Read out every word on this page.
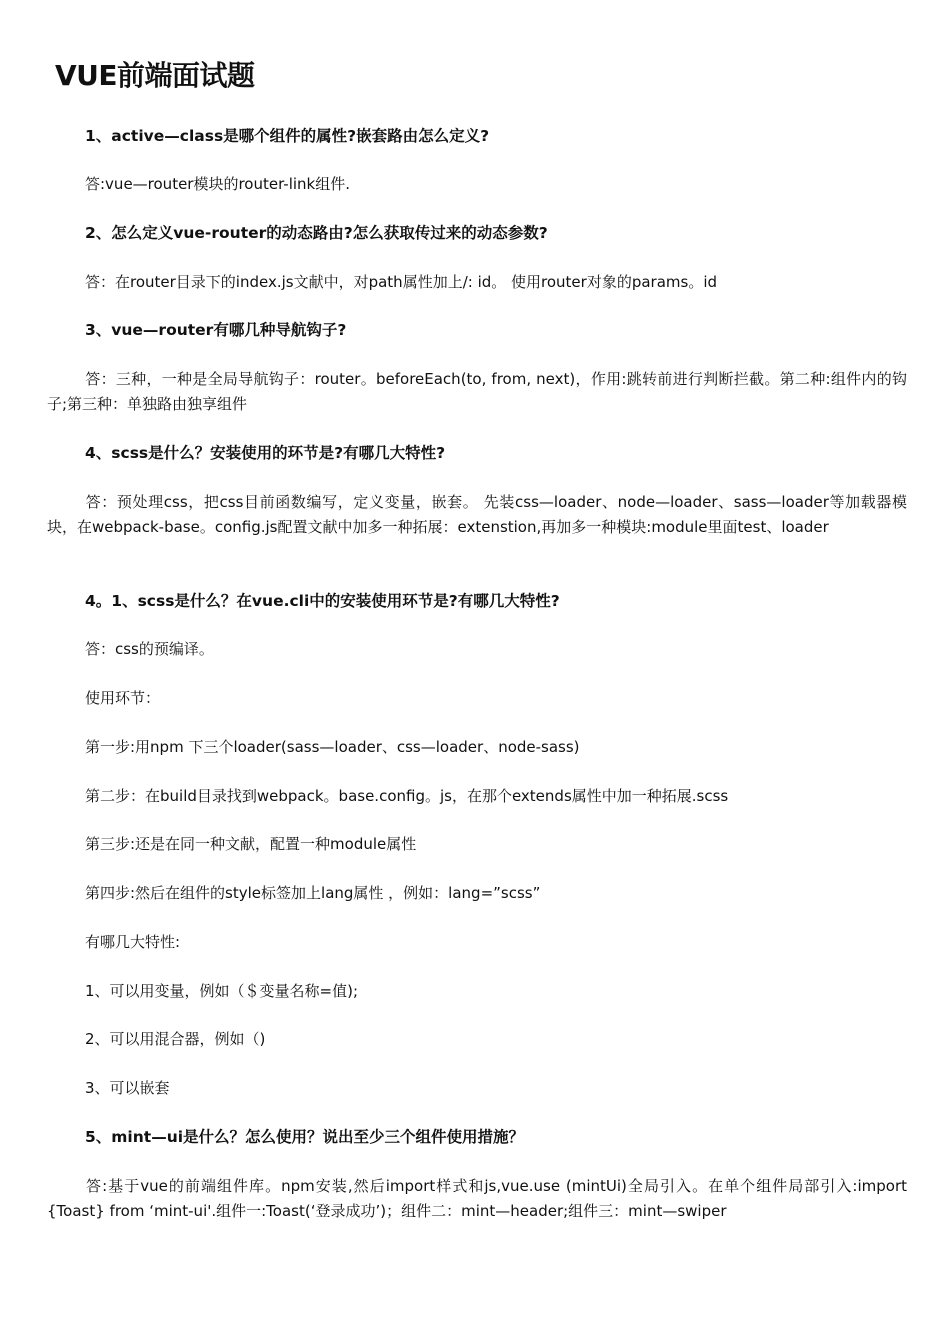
VUE前端面试题
1、active—class是哪个组件的属性?嵌套路由怎么定义?
答:vue—router模块的router-link组件.
2、怎么定义vue-router的动态路由?怎么获取传过来的动态参数?
答：在router目录下的index.js文献中，对path属性加上/: id。 使用router对象的params。id
3、vue—router有哪几种导航钩子?
答：三种，一种是全局导航钩子：router。beforeEach(to, from, next)，作用:跳转前进行判断拦截。第二种:组件内的钩子;第三种：单独路由独享组件
4、scss是什么？安装使用的环节是?有哪几大特性?
答：预处理css，把css目前函数编写，定义变量，嵌套。 先装css—loader、node—loader、sass—loader等加载器模块，在webpack-base。config.js配置文献中加多一种拓展：extenstion,再加多一种模块:module里面test、loader
4。1、scss是什么？在vue.cli中的安装使用环节是?有哪几大特性?
答：css的预编译。
使用环节：
第一步:用npm 下三个loader(sass—loader、css—loader、node-sass)
第二步：在build目录找到webpack。base.config。js，在那个extends属性中加一种拓展.scss
第三步:还是在同一种文献，配置一种module属性
第四步:然后在组件的style标签加上lang属性 ，例如：lang=”scss”
有哪几大特性:
1、可以用变量，例如（＄变量名称=值);
2、可以用混合器，例如（)
3、可以嵌套
5、mint—ui是什么？怎么使用？说出至少三个组件使用措施？
答:基于vue的前端组件库。npm安装,然后import样式和js,vue.use (mintUi)全局引入。在单个组件局部引入:import {Toast} from ‘mint-ui'.组件一:Toast(‘登录成功’)；组件二：mint—header;组件三：mint—swiper
